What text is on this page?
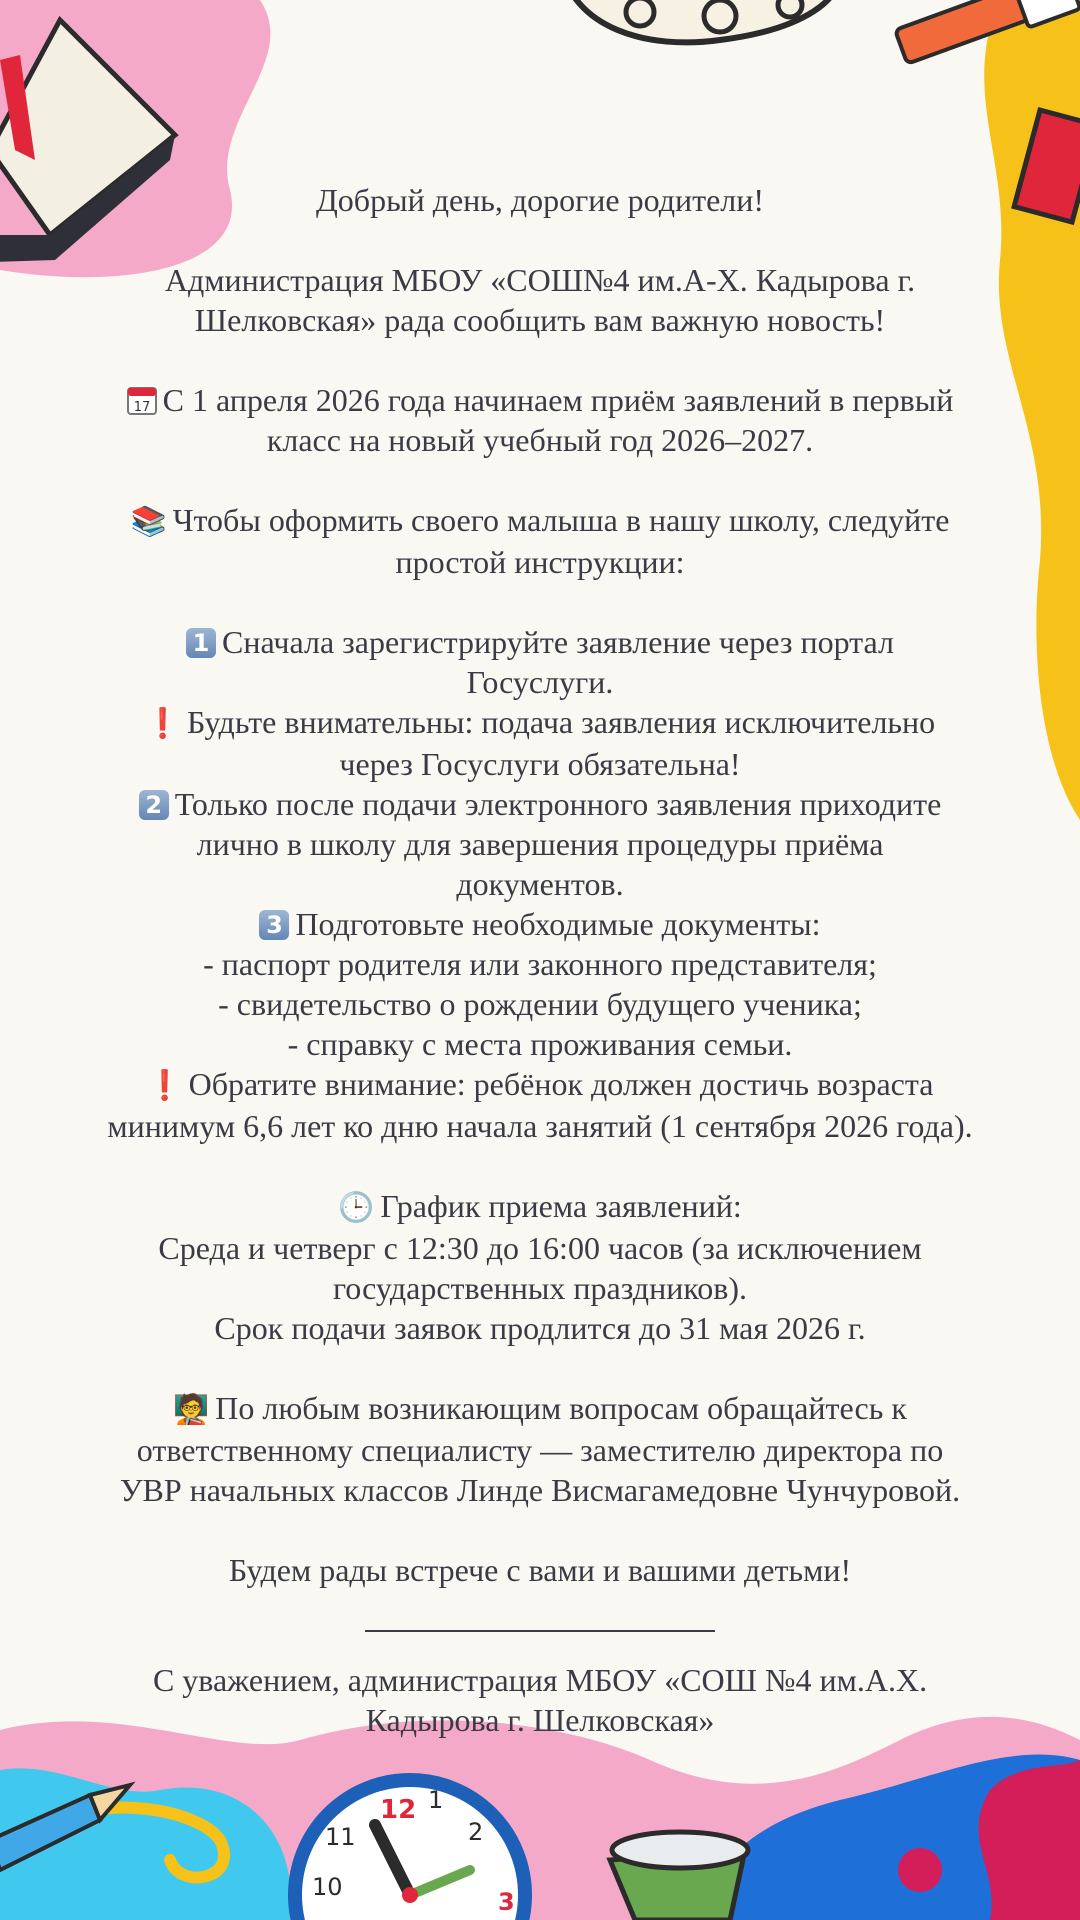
12 1
2
3
11
10

Добрый день, дорогие родители!

Администрация МБОУ «СОШ№4 им.А-Х. Кадырова г.

Шелковская» рада сообщить вам важную новость!

17 С 1 апреля 2026 года начинаем приём заявлений в первый

класс на новый учебный год 2026–2027.

📚 Чтобы оформить своего малыша в нашу школу, следуйте

простой инструкции:

1 Сначала зарегистрируйте заявление через портал

Госуслуги.

❗ Будьте внимательны: подача заявления исключительно

через Госуслуги обязательна!

2 Только после подачи электронного заявления приходите

лично в школу для завершения процедуры приёма

документов.

3 Подготовьте необходимые документы:

- паспорт родителя или законного представителя;

- свидетельство о рождении будущего ученика;

- справку с места проживания семьи.

❗ Обратите внимание: ребёнок должен достичь возраста

минимум 6,6 лет ко дню начала занятий (1 сентября 2026 года).

🕒 График приема заявлений:

Среда и четверг с 12:30 до 16:00 часов (за исключением

государственных праздников).

Срок подачи заявок продлится до 31 мая 2026 г.

🧑‍🏫 По любым возникающим вопросам обращайтесь к

ответственному специалисту — заместителю директора по

УВР начальных классов Линде Висмагамедовне Чунчуровой.

Будем рады встрече с вами и вашими детьми!

С уважением, администрация МБОУ «СОШ №4 им.А.Х.

Кадырова г. Шелковская»
